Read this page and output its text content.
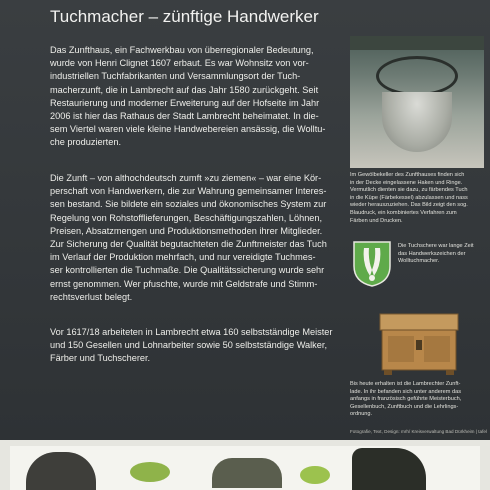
Tuchmacher – zünftige Handwerker
Das Zunfthaus, ein Fachwerkbau von überregionaler Bedeutung,
wurde von Henri Clignet 1607 erbaut. Es war Wohnsitz von vor-
industriellen Tuchfabrikanten und Versammlungsort der Tuch-
macherzunft, die in Lambrecht auf das Jahr 1580 zurückgeht. Seit
Restaurierung und moderner Erweiterung auf der Hofseite im Jahr
2006 ist hier das Rathaus der Stadt Lambrecht beheimatet. In die-
sem Viertel waren viele kleine Handwebereien ansässig, die Wolltu-
che produzierten.
Die Zunft – von althochdeutsch zumft »zu ziemen« – war eine Kör-
perschaft von Handwerkern, die zur Wahrung gemeinsamer Interes-
sen bestand. Sie bildete ein soziales und ökonomisches System zur
Regelung von Rohstofflieferungen, Beschäftigungszahlen, Löhnen,
Preisen, Absatzmengen und Produktionsmethoden ihrer Mitglieder.
Zur Sicherung der Qualität begutachteten die Zunftmeister das Tuch
im Verlauf der Produktion mehrfach, und nur vereidigte Tuchmes-
ser kontrollierten die Tuchmaße. Die Qualitätssicherung wurde sehr
ernst genommen. Wer pfuschte, wurde mit Geldstrafe und Stimm-
rechtsverlust belegt.
Vor 1617/18 arbeiteten in Lambrecht etwa 160 selbstständige Meister
und 150 Gesellen und Lohnarbeiter sowie 50 selbstständige Walker,
Färber und Tuchscherer.
Im Gewölbekeller des Zunfthauses finden sich
in der Decke eingelassene Haken und Ringe.
Vermutlich dienten sie dazu, zu färbendes Tuch
in die Küpe (Färbekessel) abzulassen und nass
wieder herauszuziehen. Das Bild zeigt den sog.
Blaudruck, ein kombiniertes Verfahren zum
Färben und Drucken.
Die Tuchschere war lange Zeit
das Handwerkszeichen der
Wolltuchmacher.
Bis heute erhalten ist die Lambrechter Zunft-
lade. In ihr befanden sich unter anderem das
anfangs in französisch geführte Meisterbuch,
Gesellenbuch, Zunftbuch und die Lehrlings-
ordnung.
Fotografie, Text, Design: mrh/ Kreisverwaltung Bad Dürkheim | tafel
